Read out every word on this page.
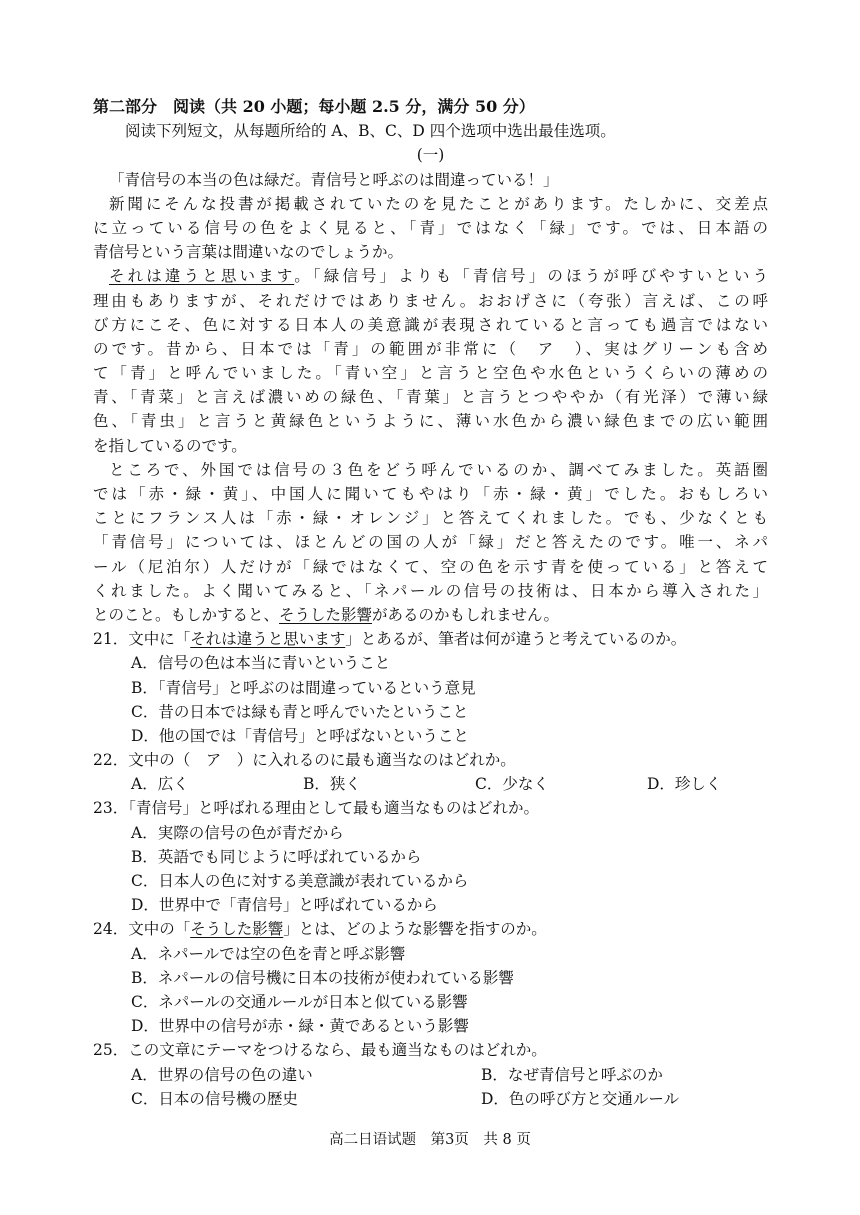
第二部分　阅读（共 20 小题；每小题 2.5 分，满分 50 分）
阅读下列短文，从每题所给的 A、B、C、D 四个选项中选出最佳选项。
(一)
「青信号の本当の色は緑だ。青信号と呼ぶのは間違っている！」
新聞にそんな投書が掲載されていたのを見たことがあります。たしかに、交差点
に立っている信号の色をよく見ると、「青」ではなく「緑」です。では、日本語の
青信号という言葉は間違いなのでしょうか。
それは違うと思います。「緑信号」よりも「青信号」のほうが呼びやすいという
理由もありますが、それだけではありません。おおげさに（夸张）言えば、この呼
び方にこそ、色に対する日本人の美意識が表現されていると言っても過言ではない
のです。昔から、日本では「青」の範囲が非常に（　ア　）、実はグリーンも含め
て「青」と呼んでいました。「青い空」と言うと空色や水色というくらいの薄めの
青、「青菜」と言えば濃いめの緑色、「青葉」と言うとつややか（有光泽）で薄い緑
色、「青虫」と言うと黄緑色というように、薄い水色から濃い緑色までの広い範囲
を指しているのです。
ところで、外国では信号の３色をどう呼んでいるのか、調べてみました。英語圏
では「赤・緑・黄」、中国人に聞いてもやはり「赤・緑・黄」でした。おもしろい
ことにフランス人は「赤・緑・オレンジ」と答えてくれました。でも、少なくとも
「青信号」については、ほとんどの国の人が「緑」だと答えたのです。唯一、ネパ
ール（尼泊尔）人だけが「緑ではなくて、空の色を示す青を使っている」と答えて
くれました。よく聞いてみると、「ネパールの信号の技術は、日本から導入された」
とのこと。もしかすると、そうした影響があるのかもしれません。
21．文中に「それは違うと思います」とあるが、筆者は何が違うと考えているのか。
A．信号の色は本当に青いということ
B．「青信号」と呼ぶのは間違っているという意見
C．昔の日本では緑も青と呼んでいたということ
D．他の国では「青信号」と呼ばないということ
22．文中の（　ア　）に入れるのに最も適当なのはどれか。
A．広く	B．狭く	C．少なく	D．珍しく
23．「青信号」と呼ばれる理由として最も適当なものはどれか。
A．実際の信号の色が青だから
B．英語でも同じように呼ばれているから
C．日本人の色に対する美意識が表れているから
D．世界中で「青信号」と呼ばれているから
24．文中の「そうした影響」とは、どのような影響を指すのか。
A．ネパールでは空の色を青と呼ぶ影響
B．ネパールの信号機に日本の技術が使われている影響
C．ネパールの交通ルールが日本と似ている影響
D．世界中の信号が赤・緑・黄であるという影響
25．この文章にテーマをつけるなら、最も適当なものはどれか。
A．世界の信号の色の違い	B．なぜ青信号と呼ぶのか
C．日本の信号機の歴史	D．色の呼び方と交通ルール
高二日语试题　第3页　共 8 页
